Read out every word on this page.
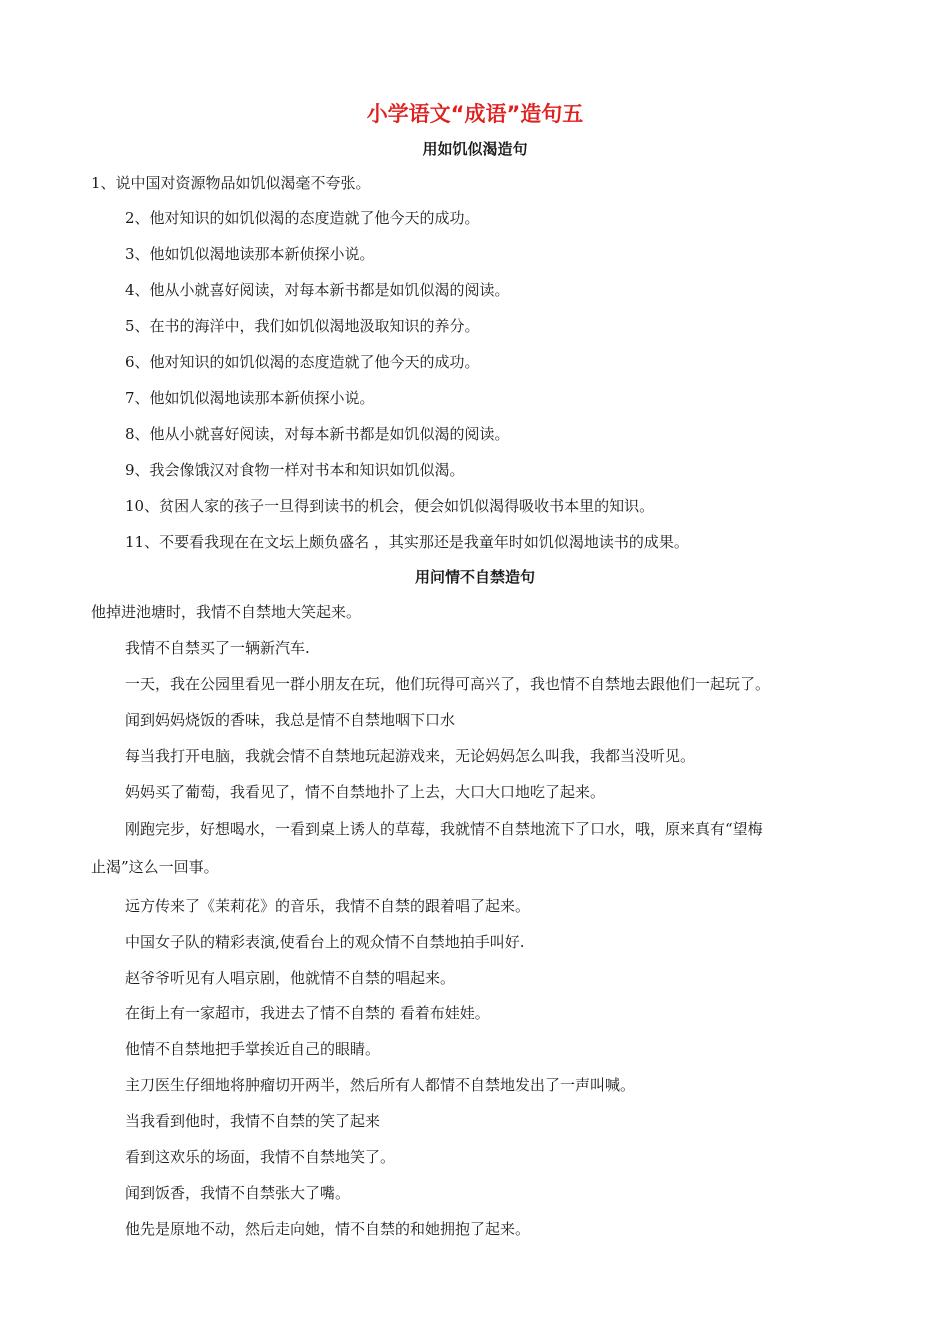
小学语文“成语”造句五
用如饥似渴造句

1、说中国对资源物品如饥似渴毫不夸张。

2、他对知识的如饥似渴的态度造就了他今天的成功。

3、他如饥似渴地读那本新侦探小说。

4、他从小就喜好阅读，对每本新书都是如饥似渴的阅读。

5、在书的海洋中，我们如饥似渴地汲取知识的养分。

6、他对知识的如饥似渴的态度造就了他今天的成功。

7、他如饥似渴地读那本新侦探小说。

8、他从小就喜好阅读，对每本新书都是如饥似渴的阅读。

9、我会像饿汉对食物一样对书本和知识如饥似渴。

10、贫困人家的孩子一旦得到读书的机会，便会如饥似渴得吸收书本里的知识。

11、不要看我现在在文坛上颇负盛名 ，其实那还是我童年时如饥似渴地读书的成果。

用问情不自禁造句

他掉进池塘时，我情不自禁地大笑起来。

我情不自禁买了一辆新汽车.

一天，我在公园里看见一群小朋友在玩，他们玩得可高兴了，我也情不自禁地去跟他们一起玩了。

闻到妈妈烧饭的香味，我总是情不自禁地咽下口水

每当我打开电脑，我就会情不自禁地玩起游戏来，无论妈妈怎么叫我，我都当没听见。

妈妈买了葡萄，我看见了，情不自禁地扑了上去，大口大口地吃了起来。

刚跑完步，好想喝水，一看到桌上诱人的草莓，我就情不自禁地流下了口水，哦，原来真有“望梅

止渴”这么一回事。

远方传来了《茉莉花》的音乐，我情不自禁的跟着唱了起来。

中国女子队的精彩表演,使看台上的观众情不自禁地拍手叫好.

赵爷爷听见有人唱京剧，他就情不自禁的唱起来。

在街上有一家超市，我进去了情不自禁的 看着布娃娃。

他情不自禁地把手掌挨近自己的眼睛。

主刀医生仔细地将肿瘤切开两半，然后所有人都情不自禁地发出了一声叫喊。

当我看到他时，我情不自禁的笑了起来

看到这欢乐的场面，我情不自禁地笑了。

闻到饭香，我情不自禁张大了嘴。

他先是原地不动，然后走向她，情不自禁的和她拥抱了起来。
